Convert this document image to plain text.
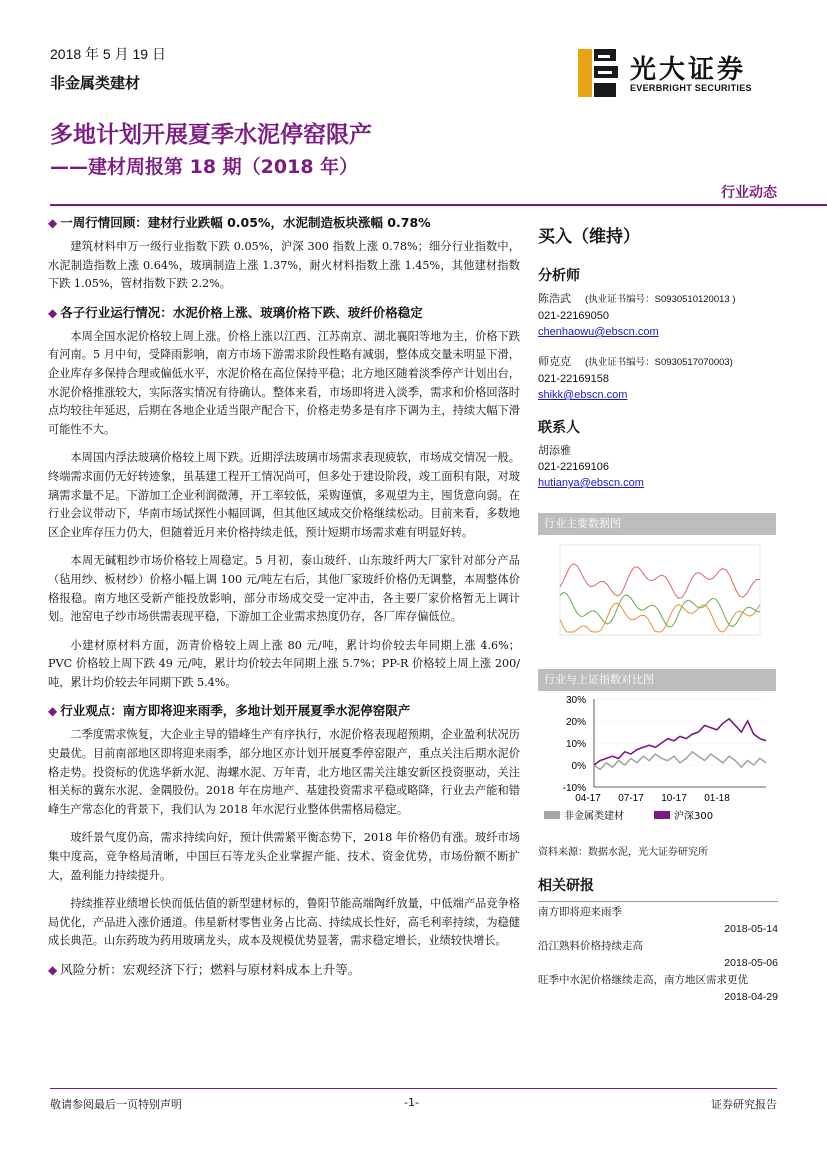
2018 年 5 月 19 日
非金属类建材
多地计划开展夏季水泥停窑限产
——建材周报第 18 期（2018 年）
光大证券
EVERBRIGHT SECURITIES
行业动态
◆ 一周行情回顾：建材行业跌幅 0.05%，水泥制造板块涨幅 0.78%

建筑材料申万一级行业指数下跌 0.05%，沪深 300 指数上涨 0.78%；细分行业指数中，水泥制造指数上涨 0.64%，玻璃制造上涨 1.37%，耐火材料指数上涨 1.45%，其他建材指数下跌 1.05%，管材指数下跌 2.2%。

◆ 各子行业运行情况：水泥价格上涨、玻璃价格下跌、玻纤价格稳定

本周全国水泥价格较上周上涨。价格上涨以江西、江苏南京、湖北襄阳等地为主，价格下跌有河南。5 月中旬，受降雨影响，南方市场下游需求阶段性略有减弱，整体成交量未明显下滑，企业库存多保持合理或偏低水平，水泥价格在高位保持平稳；北方地区随着淡季停产计划出台，水泥价格推涨较大，实际落实情况有待确认。整体来看，市场即将进入淡季，需求和价格回落时点均较往年延迟，后期在各地企业适当限产配合下，价格走势多是有序下调为主，持续大幅下滑可能性不大。

本周国内浮法玻璃价格较上周下跌。近期浮法玻璃市场需求表现疲软，市场成交情况一般。终端需求面仍无好转迹象，虽基建工程开工情况尚可，但多处于建设阶段，竣工面积有限，对玻璃需求量不足。下游加工企业利润微薄，开工率较低，采购谨慎，多观望为主，囤货意向弱。在行业会议带动下，华南市场试探性小幅回调，但其他区域成交价格继续松动。目前来看，多数地区企业库存压力仍大，但随着近月来价格持续走低，预计短期市场需求难有明显好转。

本周无碱粗纱市场价格较上周稳定。5 月初，泰山玻纤、山东玻纤两大厂家针对部分产品（毡用纱、板材纱）价格小幅上调 100 元/吨左右后，其他厂家玻纤价格仍无调整，本周整体价格报稳。南方地区受新产能投放影响，部分市场成交受一定冲击，各主要厂家价格暂无上调计划。池窑电子纱市场供需表现平稳，下游加工企业需求热度仍存，各厂库存偏低位。

小建材原材料方面，沥青价格较上周上涨 80 元/吨，累计均价较去年同期上涨 4.6%；PVC 价格较上周下跌 49 元/吨，累计均价较去年同期上涨 5.7%；PP-R 价格较上周上涨 200/吨，累计均价较去年同期下跌 5.4%。

◆ 行业观点：南方即将迎来雨季，多地计划开展夏季水泥停窑限产

二季度需求恢复，大企业主导的错峰生产有序执行，水泥价格表现超预期，企业盈利状况历史最优。目前南部地区即将迎来雨季，部分地区亦计划开展夏季停窑限产，重点关注后期水泥价格走势。投资标的优选华新水泥、海螺水泥、万年青，北方地区需关注雄安新区投资驱动，关注相关标的冀东水泥、金隅股份。2018 年在房地产、基建投资需求平稳或略降，行业去产能和错峰生产常态化的背景下，我们认为 2018 年水泥行业整体供需格局稳定。

玻纤景气度仍高，需求持续向好，预计供需紧平衡态势下，2018 年价格仍有涨。玻纤市场集中度高，竞争格局清晰，中国巨石等龙头企业掌握产能、技术、资金优势，市场份额不断扩大，盈利能力持续提升。

持续推荐业绩增长快而低估值的新型建材标的，鲁阳节能高端陶纤放量，中低端产品竞争格局优化，产品进入涨价通道。伟星新材零售业务占比高、持续成长性好，高毛利率持续，为稳健成长典范。山东药玻为药用玻璃龙头，成本及规模优势显著，需求稳定增长，业绩较快增长。

◆ 风险分析：宏观经济下行；燃料与原材料成本上升等。
买入（维持）
分析师
陈浩武 (执业证书编号：S0930510120013 )
021-22169050
chenhaowu@ebscn.com
师克克 (执业证书编号：S0930517070003)
021-22169158
shikk@ebscn.com
联系人
胡添雅
021-22169106
hutianya@ebscn.com
行业主要数据图
行业与上证指数对比图
30%
20%
10%
0%
-10%
04-17 07-17 10-17 01-18
非金属类建材	沪深300
资料来源：数据水泥，光大证券研究所
相关研报
南方即将迎来雨季
2018-05-14
沿江熟料价格持续走高
2018-05-06
旺季中水泥价格继续走高，南方地区需求更优
2018-04-29
敬请参阅最后一页特别声明	-1-	证券研究报告
